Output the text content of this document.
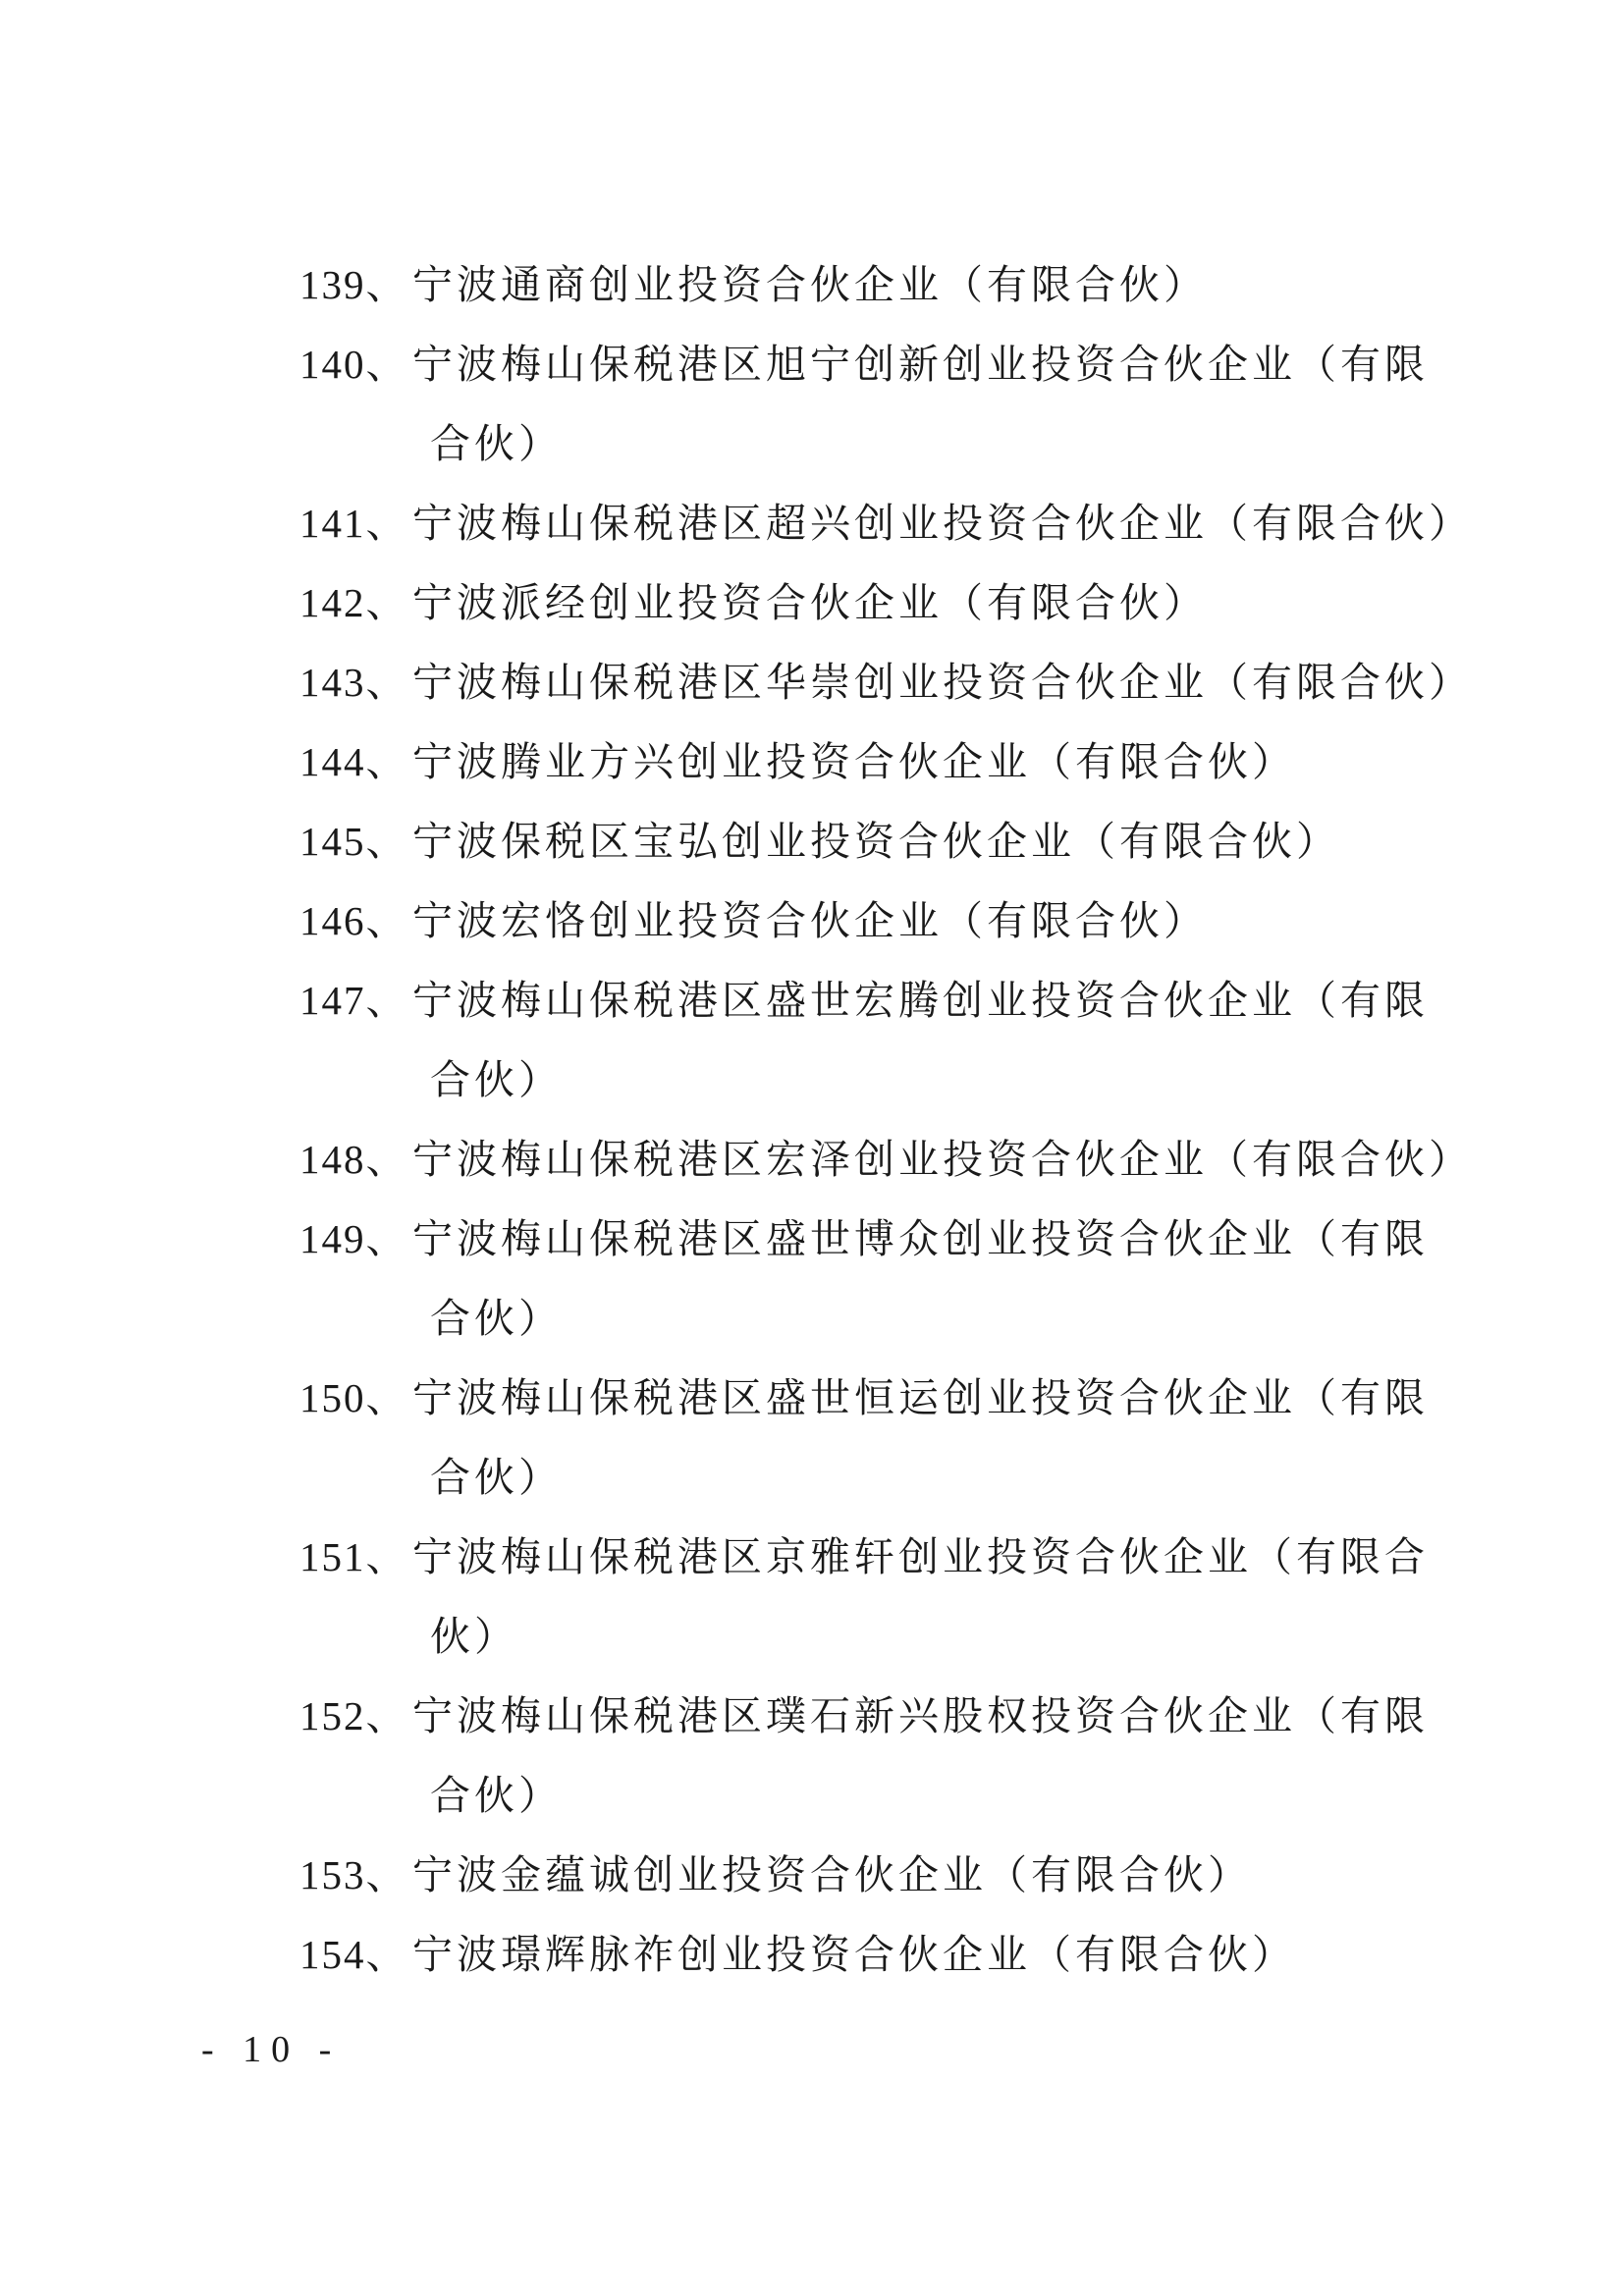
139、 宁波通商创业投资合伙企业（有限合伙）
140、 宁波梅山保税港区旭宁创新创业投资合伙企业（有限
合伙）
141、 宁波梅山保税港区超兴创业投资合伙企业（有限合伙）
142、 宁波派经创业投资合伙企业（有限合伙）
143、 宁波梅山保税港区华崇创业投资合伙企业（有限合伙）
144、 宁波腾业方兴创业投资合伙企业（有限合伙）
145、 宁波保税区宝弘创业投资合伙企业（有限合伙）
146、 宁波宏恪创业投资合伙企业（有限合伙）
147、 宁波梅山保税港区盛世宏腾创业投资合伙企业（有限
合伙）
148、 宁波梅山保税港区宏泽创业投资合伙企业（有限合伙）
149、 宁波梅山保税港区盛世博众创业投资合伙企业（有限
合伙）
150、 宁波梅山保税港区盛世恒运创业投资合伙企业（有限
合伙）
151、 宁波梅山保税港区京雅轩创业投资合伙企业（有限合
伙）
152、 宁波梅山保税港区璞石新兴股权投资合伙企业（有限
合伙）
153、 宁波金蕴诚创业投资合伙企业（有限合伙）
154、 宁波璟辉脉祚创业投资合伙企业（有限合伙）
- 10 -
